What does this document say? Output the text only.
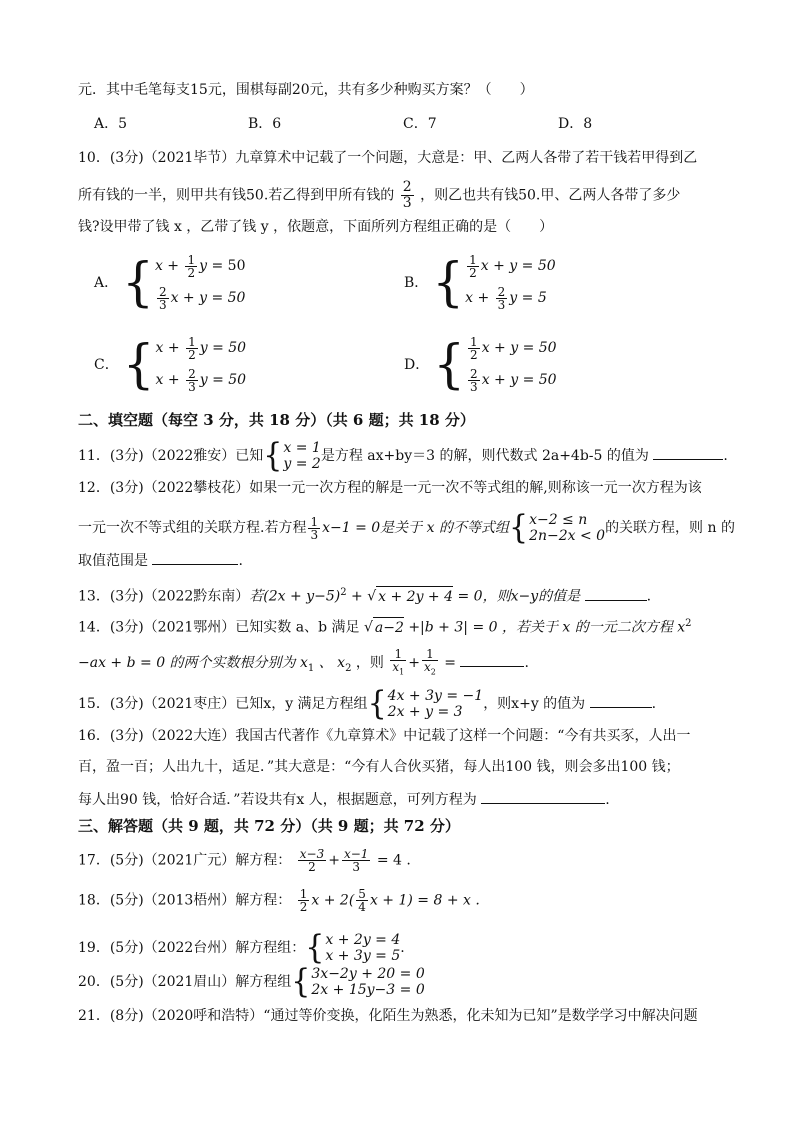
元．其中毛笔每支15元，围棋每副20元，共有多少种购买方案？（　　）
A．5	B．6	C．7	D．8
10．(3分)（2021毕节）九章算术中记载了一个问题，大意是：甲、乙两人各带了若干钱若甲得到乙
所有钱的一半，则甲共有钱50.若乙得到甲所有钱的 $\frac{2}{3}$ ，则乙也共有钱50.甲、乙两人各带了多少
钱?设甲带了钱 x ，乙带了钱 y ，依题意，下面所列方程组正确的是（　　）
A． { $x + \frac{1}{2}$ y
= 50
$\frac{2}{3}$ x + y = 50
B． { $\frac{1}{2}$ x + y = 50
$x + \frac{2}{3}$ y = 5
C． { $x + \frac{1}{2}$ y = 50
$x + \frac{2}{3}$ y = 50
D． { $\frac{1}{2}$ x + y = 50
$\frac{2}{3}$ x + y = 50
二、填空题（每空 3 分，共 18 分）（共 6 题；共 18 分）
11．(3分)（2022雅安）已知 { x = 1
y = 2 是方程 ax+by＝3 的解，则代数式 2a+4b-5 的值为	.
12．(3分)（2022攀枝花）如果一元一次方程的解是一元一次不等式组的解,则称该一元一次方程为该
一元一次不等式组的关联方程.若方程 $\frac{1}{3} x-1 = 0$是关于 x 的不等式组 { x−2 ≤ n
2n−2x < 0 的关联方程，则 n 的
取值范围是	.
13．(3分)（2022黔东南）若$(2x + y-5)^2$ + √ x + 2y + 4 = 0，则x−y的值是	.
14．(3分)（2021鄂州）已知实数 a、b 满足 √ a−2 +|b + 3| = 0 ，若关于 x 的一元二次方程 $x^2$
−ax + b = 0 的两个实数根分别为 $x_1$ 、 $x_2$ ，则 $\frac{1}{x_1} + \frac{1}{x_2}$ =	.
15．(3分)（2021枣庄）已知x，y 满足方程组 { 4x + 3y = −1
2x + y = 3	，则x+y 的值为	.
16．(3分)（2022大连）我国古代著作《九章算术》中记载了这样一个问题：“今有共买豕，人出一
百，盈一百；人出九十，适足．”其大意是：“今有人合伙买猪，每人出100 钱，则会多出100 钱；
每人出90 钱，恰好合适．”若设共有x 人，根据题意，可列方程为	.
三、解答题（共 9 题，共 72 分）（共 9 题；共 72 分）
17．(5分)（2021广元）解方程： $\frac{x-3}{2} + \frac{x-1}{3} = 4$ .
18．(5分)（2013梧州）解方程： $\frac{1}{2}$ $x + 2( \frac{5}{4}$ x + 1) = 8 + x .
19．(5分)（2022台州）解方程组： { x + 2y = 4
x + 3y = 5 .
20．(5分)（2021眉山）解方程组 { 3x−2y + 20 = 0
2x + 15y−3 = 0
21．(8分)（2020呼和浩特）“通过等价变换，化陌生为熟悉，化未知为已知”是数学学习中解决问题
